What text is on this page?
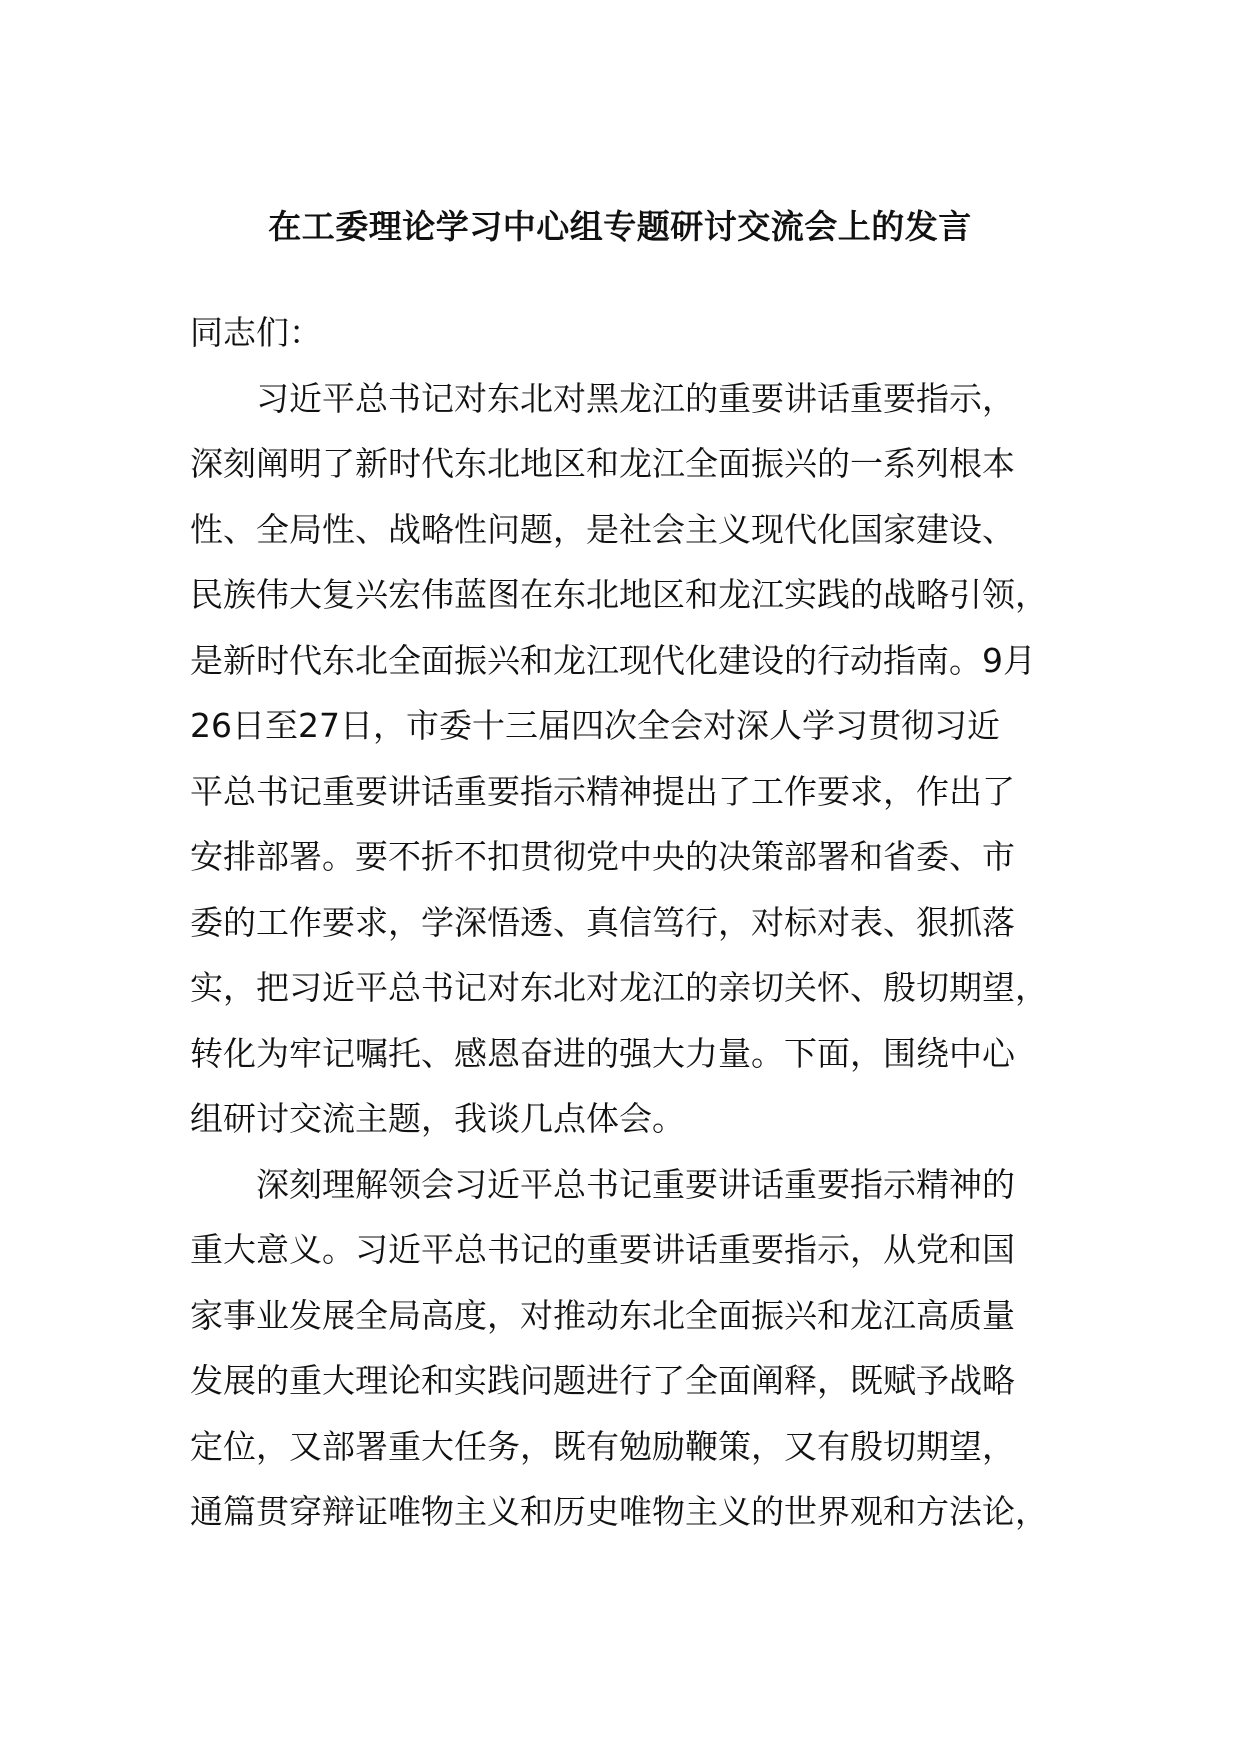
在工委理论学习中心组专题研讨交流会上的发言
同志们：
习近平总书记对东北对黑龙江的重要讲话重要指示，
深刻阐明了新时代东北地区和龙江全面振兴的一系列根本
性、全局性、战略性问题，是社会主义现代化国家建设、
民族伟大复兴宏伟蓝图在东北地区和龙江实践的战略引领，
是新时代东北全面振兴和龙江现代化建设的行动指南。9月
26日至27日，市委十三届四次全会对深人学习贯彻习近
平总书记重要讲话重要指示精神提出了工作要求，作出了
安排部署。要不折不扣贯彻党中央的决策部署和省委、市
委的工作要求，学深悟透、真信笃行，对标对表、狠抓落
实，把习近平总书记对东北对龙江的亲切关怀、殷切期望，
转化为牢记嘱托、感恩奋进的强大力量。下面，围绕中心
组研讨交流主题，我谈几点体会。
深刻理解领会习近平总书记重要讲话重要指示精神的
重大意义。习近平总书记的重要讲话重要指示，从党和国
家事业发展全局高度，对推动东北全面振兴和龙江高质量
发展的重大理论和实践问题进行了全面阐释，既赋予战略
定位，又部署重大任务，既有勉励鞭策，又有殷切期望，
通篇贯穿辩证唯物主义和历史唯物主义的世界观和方法论，
